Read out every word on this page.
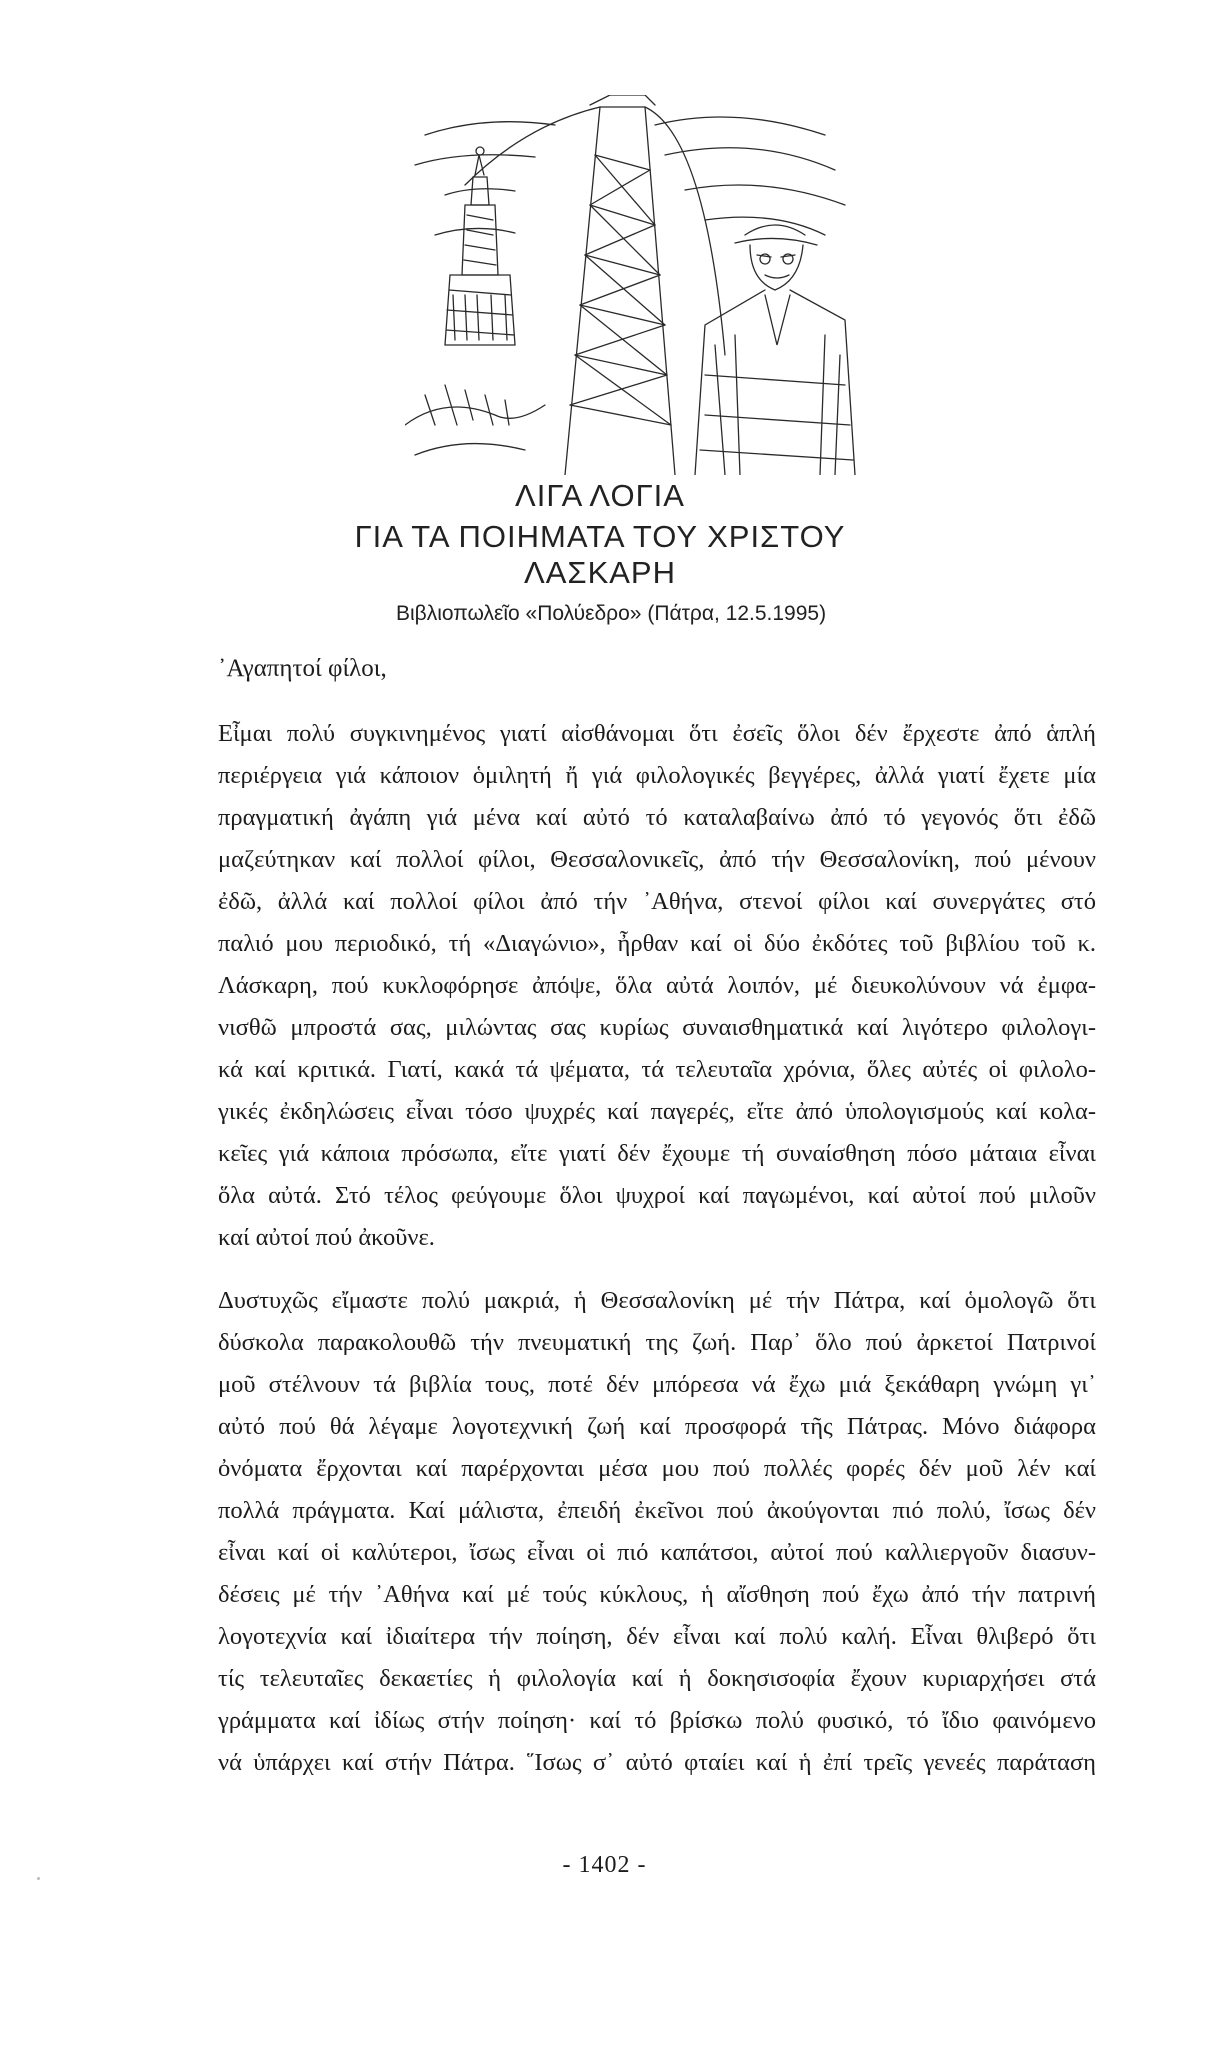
ΛΙΓΑ ΛΟΓΙΑ
ΓΙΑ ΤΑ ΠΟΙΗΜΑΤΑ ΤΟΥ ΧΡΙΣΤΟΥ ΛΑΣΚΑΡΗ
Βιβλιοπωλεῖο «Πολύεδρο» (Πάτρα, 12.5.1995)
᾽Αγαπητοί φίλοι,
Εἶμαι πολύ συγκινημένος γιατί αἰσθάνομαι ὅτι ἐσεῖς ὅλοι δέν ἔρχεστε ἀπό ἁπλή
περιέργεια γιά κάποιον ὁμιλητή ἤ γιά φιλολογικές βεγγέρες, ἀλλά γιατί ἔχετε μία
πραγματική ἀγάπη γιά μένα καί αὐτό τό καταλαβαίνω ἀπό τό γεγονός ὅτι ἐδῶ
μαζεύτηκαν καί πολλοί φίλοι, Θεσσαλονικεῖς, ἀπό τήν Θεσσαλονίκη, πού μένουν
ἐδῶ, ἀλλά καί πολλοί φίλοι ἀπό τήν ᾽Αθήνα, στενοί φίλοι καί συνεργάτες στό
παλιό μου περιοδικό, τή «Διαγώνιο», ἦρθαν καί οἱ δύο ἐκδότες τοῦ βιβλίου τοῦ κ.
Λάσκαρη, πού κυκλοφόρησε ἀπόψε, ὅλα αὐτά λοιπόν, μέ διευκολύνουν νά ἐμφα-
νισθῶ μπροστά σας, μιλώντας σας κυρίως συναισθηματικά καί λιγότερο φιλολογι-
κά καί κριτικά. Γιατί, κακά τά ψέματα, τά τελευταῖα χρόνια, ὅλες αὐτές οἱ φιλολο-
γικές ἐκδηλώσεις εἶναι τόσο ψυχρές καί παγερές, εἴτε ἀπό ὑπολογισμούς καί κολα-
κεῖες γιά κάποια πρόσωπα, εἴτε γιατί δέν ἔχουμε τή συναίσθηση πόσο μάταια εἶναι
ὅλα αὐτά. Στό τέλος φεύγουμε ὅλοι ψυχροί καί παγωμένοι, καί αὐτοί πού μιλοῦν
καί αὐτοί πού ἀκοῦνε.
Δυστυχῶς εἴμαστε πολύ μακριά, ἡ Θεσσαλονίκη μέ τήν Πάτρα, καί ὁμολογῶ ὅτι
δύσκολα παρακολουθῶ τήν πνευματική της ζωή. Παρ᾽ ὅλο πού ἀρκετοί Πατρινοί
μοῦ στέλνουν τά βιβλία τους, ποτέ δέν μπόρεσα νά ἔχω μιά ξεκάθαρη γνώμη γι᾽
αὐτό πού θά λέγαμε λογοτεχνική ζωή καί προσφορά τῆς Πάτρας. Μόνο διάφορα
ὀνόματα ἔρχονται καί παρέρχονται μέσα μου πού πολλές φορές δέν μοῦ λέν καί
πολλά πράγματα. Καί μάλιστα, ἐπειδή ἐκεῖνοι πού ἀκούγονται πιό πολύ, ἴσως δέν
εἶναι καί οἱ καλύτεροι, ἴσως εἶναι οἱ πιό καπάτσοι, αὐτοί πού καλλιεργοῦν διασυν-
δέσεις μέ τήν ᾽Αθήνα καί μέ τούς κύκλους, ἡ αἴσθηση πού ἔχω ἀπό τήν πατρινή
λογοτεχνία καί ἰδιαίτερα τήν ποίηση, δέν εἶναι καί πολύ καλή. Εἶναι θλιβερό ὅτι
τίς τελευταῖες δεκαετίες ἡ φιλολογία καί ἡ δοκησισοφία ἔχουν κυριαρχήσει στά
γράμματα καί ἰδίως στήν ποίηση· καί τό βρίσκω πολύ φυσικό, τό ἴδιο φαινόμενο
νά ὑπάρχει καί στήν Πάτρα. ῞Ισως σ᾽ αὐτό φταίει καί ἡ ἐπί τρεῖς γενεές παράταση
- 1402 -
